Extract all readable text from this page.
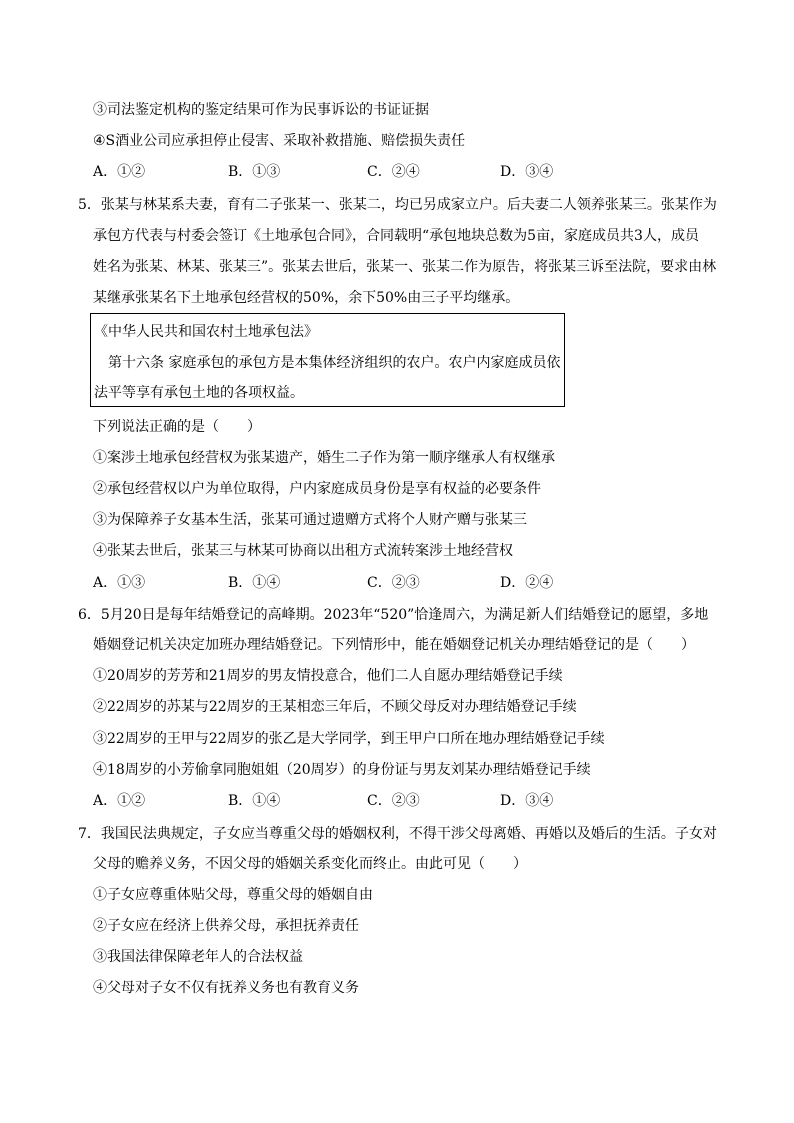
③司法鉴定机构的鉴定结果可作为民事诉讼的书证证据
④S酒业公司应承担停止侵害、采取补救措施、赔偿损失责任
A．①②	B．①③	C．②④	D．③④
5．张某与林某系夫妻，育有二子张某一、张某二，均已另成家立户。后夫妻二人领养张某三。张某作为
承包方代表与村委会签订《土地承包合同》，合同载明“承包地块总数为5亩，家庭成员共3人，成员
姓名为张某、林某、张某三”。张某去世后，张某一、张某二作为原告，将张某三诉至法院，要求由林
某继承张某名下土地承包经营权的50%，余下50%由三子平均继承。
《中华人民共和国农村土地承包法》
　第十六条 家庭承包的承包方是本集体经济组织的农户。农户内家庭成员依
法平等享有承包土地的各项权益。
下列说法正确的是（　　）
①案涉土地承包经营权为张某遗产，婚生二子作为第一顺序继承人有权继承
②承包经营权以户为单位取得，户内家庭成员身份是享有权益的必要条件
③为保障养子女基本生活，张某可通过遗赠方式将个人财产赠与张某三
④张某去世后，张某三与林某可协商以出租方式流转案涉土地经营权
A．①③	B．①④	C．②③	D．②④
6．5月20日是每年结婚登记的高峰期。2023年“520”恰逢周六，为满足新人们结婚登记的愿望，多地
婚姻登记机关决定加班办理结婚登记。下列情形中，能在婚姻登记机关办理结婚登记的是（　　）
①20周岁的芳芳和21周岁的男友情投意合，他们二人自愿办理结婚登记手续
②22周岁的苏某与22周岁的王某相恋三年后，不顾父母反对办理结婚登记手续
③22周岁的王甲与22周岁的张乙是大学同学，到王甲户口所在地办理结婚登记手续
④18周岁的小芳偷拿同胞姐姐（20周岁）的身份证与男友刘某办理结婚登记手续
A．①②	B．①④	C．②③	D．③④
7．我国民法典规定，子女应当尊重父母的婚姻权利，不得干涉父母离婚、再婚以及婚后的生活。子女对
父母的赡养义务，不因父母的婚姻关系变化而终止。由此可见（　　）
①子女应尊重体贴父母，尊重父母的婚姻自由
②子女应在经济上供养父母，承担抚养责任
③我国法律保障老年人的合法权益
④父母对子女不仅有抚养义务也有教育义务
